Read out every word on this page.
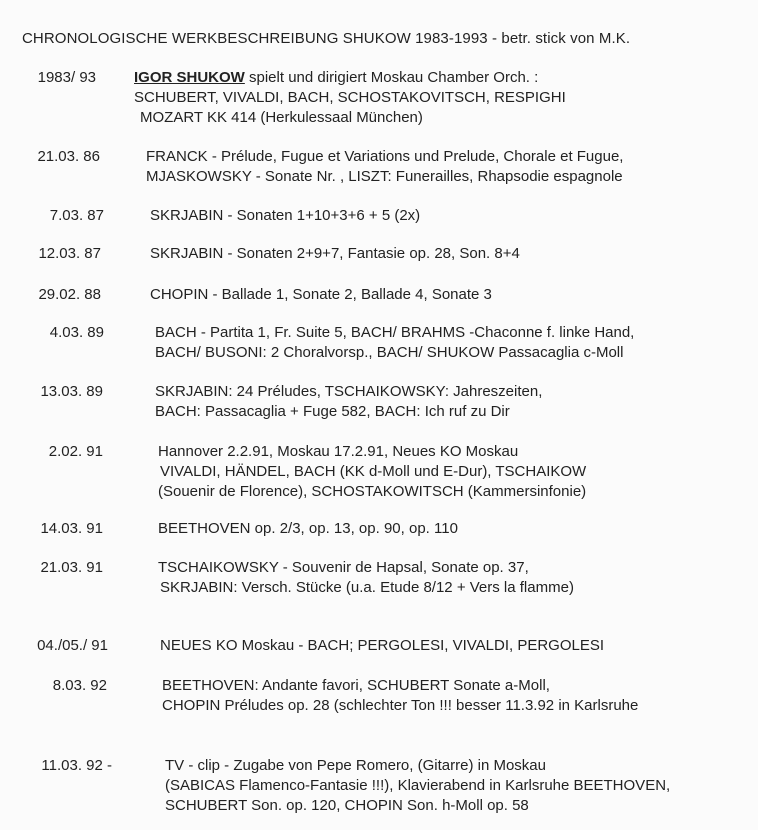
CHRONOLOGISCHE WERKBESCHREIBUNG SHUKOW 1983-1993 - betr. stick von M.K.
1983/ 93	IGOR SHUKOW spielt und dirigiert Moskau Chamber Orch. :
SCHUBERT, VIVALDI, BACH, SCHOSTAKOVITSCH, RESPIGHI
MOZART KK 414 (Herkulessaal München)
21.03. 86	FRANCK - Prélude, Fugue et Variations und Prelude, Chorale et Fugue,
MJASKOWSKY - Sonate Nr. , LISZT: Funerailles, Rhapsodie espagnole
7.03. 87	SKRJABIN - Sonaten 1+10+3+6 + 5 (2x)
12.03. 87	SKRJABIN - Sonaten 2+9+7, Fantasie op. 28, Son. 8+4
29.02. 88	CHOPIN - Ballade 1, Sonate 2, Ballade 4, Sonate 3
4.03. 89	BACH - Partita 1, Fr. Suite 5, BACH/ BRAHMS -Chaconne f. linke Hand,
BACH/ BUSONI: 2 Choralvorsp., BACH/ SHUKOW Passacaglia c-Moll
13.03. 89	SKRJABIN: 24 Préludes, TSCHAIKOWSKY: Jahreszeiten,
BACH: Passacaglia + Fuge 582, BACH: Ich ruf zu Dir
2.02. 91	Hannover 2.2.91, Moskau 17.2.91, Neues KO Moskau
VIVALDI, HÄNDEL, BACH (KK d-Moll und E-Dur), TSCHAIKOW
(Souenir de Florence), SCHOSTAKOWITSCH (Kammersinfonie)
14.03. 91	BEETHOVEN op. 2/3, op. 13, op. 90, op. 110
21.03. 91	TSCHAIKOWSKY - Souvenir de Hapsal, Sonate op. 37,
SKRJABIN: Versch. Stücke (u.a. Etude 8/12 + Vers la flamme)
04./05./ 91	NEUES KO Moskau - BACH; PERGOLESI, VIVALDI, PERGOLESI
8.03. 92	BEETHOVEN: Andante favori, SCHUBERT Sonate a-Moll,
CHOPIN Préludes op. 28 (schlechter Ton !!! besser 11.3.92 in Karlsruhe
11.03. 92 -	TV - clip - Zugabe von Pepe Romero, (Gitarre) in Moskau
(SABICAS Flamenco-Fantasie !!!), Klavierabend in Karlsruhe BEETHOVEN,
SCHUBERT Son. op. 120, CHOPIN Son. h-Moll op. 58
